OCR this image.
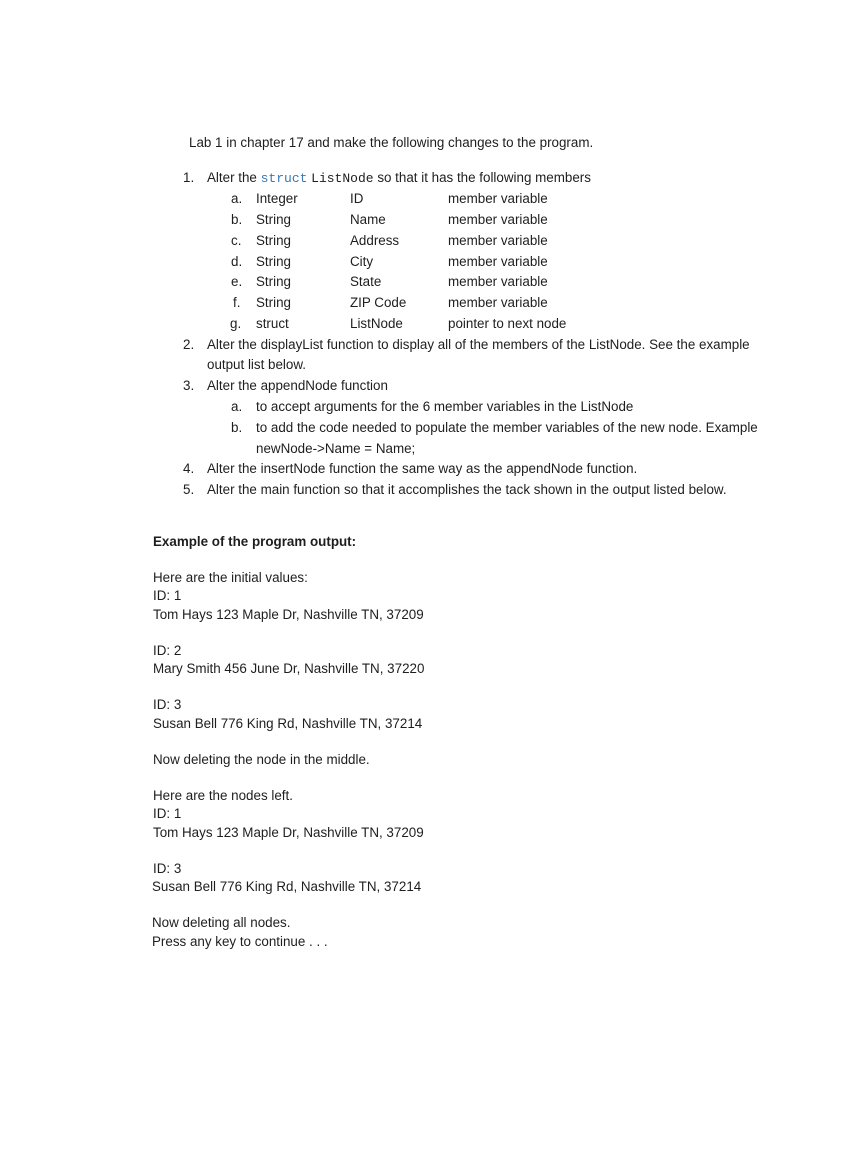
Lab 1 in chapter 17 and make the following changes to the program.
1. Alter the struct ListNode so that it has the following members
a. Integer	ID	member variable
b. String	Name	member variable
c. String	Address	member variable
d. String	City	member variable
e. String	State	member variable
f. String	ZIP Code	member variable
g. struct	ListNode	pointer to next node
2. Alter the displayList function to display all of the members of the ListNode. See the example
output list below.
3. Alter the appendNode function
a. to accept arguments for the 6 member variables in the ListNode
b. to add the code needed to populate the member variables of the new node. Example
newNode->Name = Name;
4. Alter the insertNode function the same way as the appendNode function.
5. Alter the main function so that it accomplishes the tack shown in the output listed below.
Example of the program output:
Here are the initial values:
ID: 1
Tom Hays 123 Maple Dr, Nashville TN, 37209
ID: 2
Mary Smith 456 June Dr, Nashville TN, 37220
ID: 3
Susan Bell 776 King Rd, Nashville TN, 37214
Now deleting the node in the middle.
Here are the nodes left.
ID: 1
Tom Hays 123 Maple Dr, Nashville TN, 37209
ID: 3
Susan Bell 776 King Rd, Nashville TN, 37214
Now deleting all nodes.
Press any key to continue . . .
